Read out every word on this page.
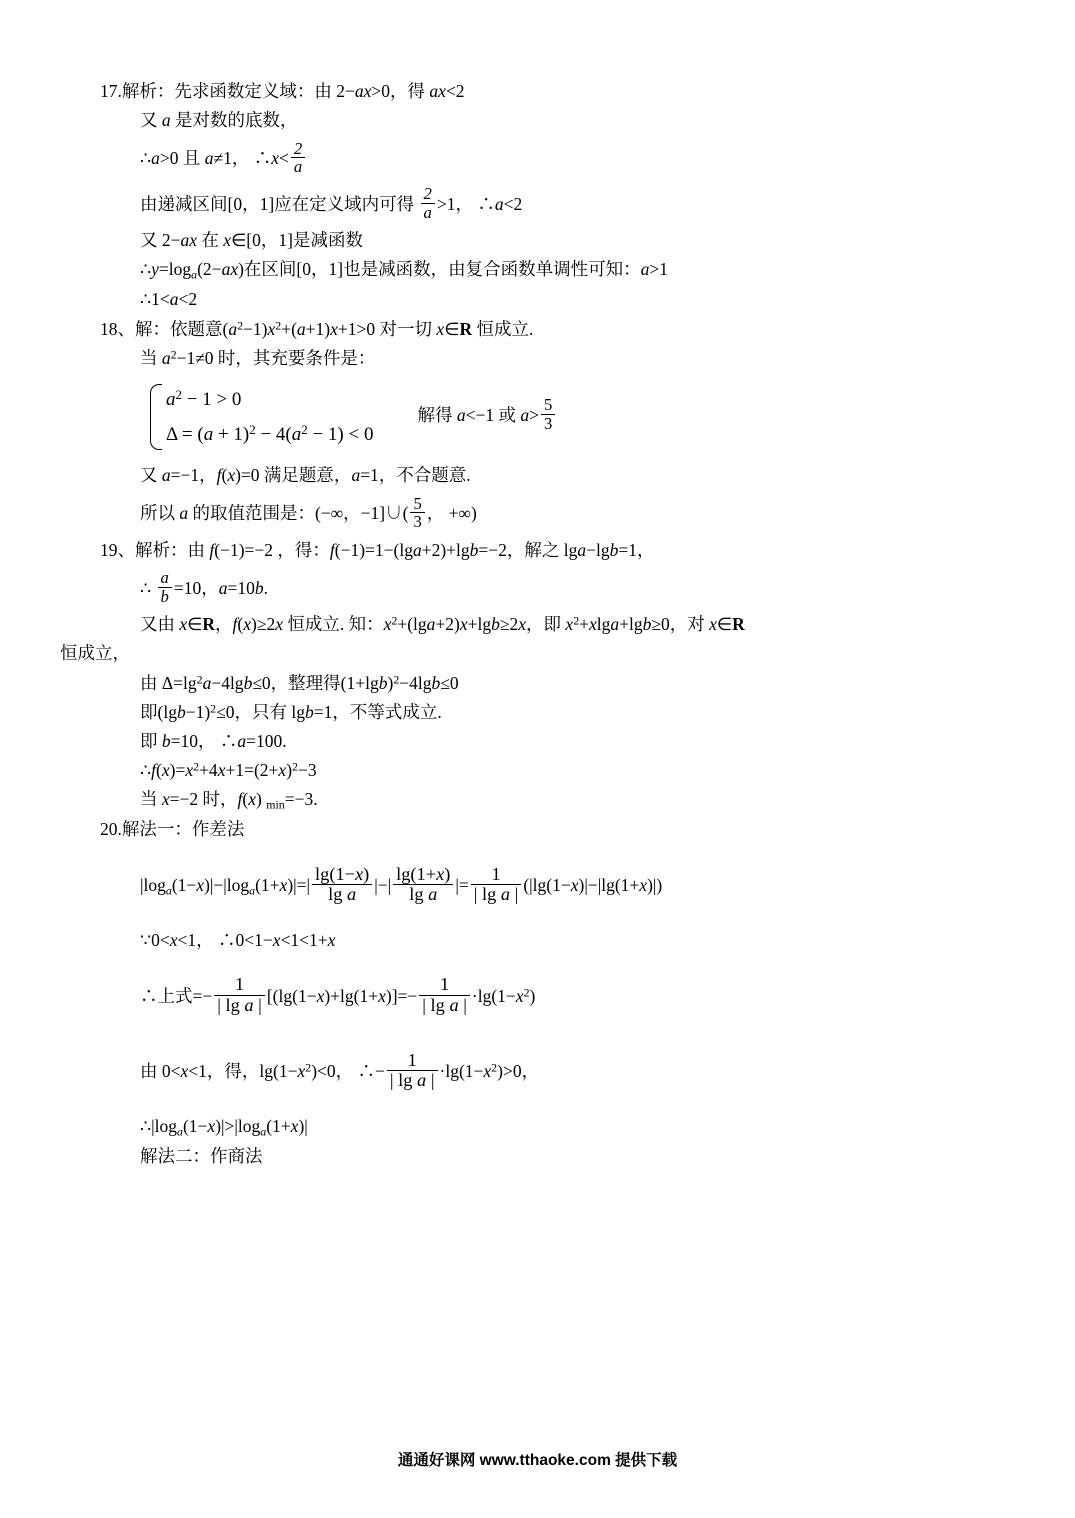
17.解析：先求函数定义域：由 2−ax>0，得 ax<2
又 a 是对数的底数，
∴a>0 且 a≠1， ∴x< $\frac{2}{a}$
由递减区间[0，1]应在定义域内可得 $\frac{2}{a} >1$， ∴a<2
又 2−ax 在 x∈[0，1]是减函数
$\therefore y=\log_a(2-ax)$在区间[0，1]也是减函数，由复合函数单调性可知：a>1
∴1<a<2
18、解：依题意$(a^2-1)x^2+(a+1)x+1>0$ 对一切 x∈R 恒成立.
当 $a^2-1\ne 0$ 时，其充要条件是：
$a^2 - 1 > 0$
$\Delta = (a + 1)^2 - 4(a^2 - 1) < 0$
解得 a<−1 或 $a> \frac{5}{3}$
又 a=−1，f(x)=0 满足题意，a=1，不合题意.
所以 a 的取值范围是：(−∞，−1]∪( $\frac{5}{3}$ ， +∞)
19、解析：由 f(−1)=−2 ，得：f(−1)=1−(lga+2)+lgb=−2，解之 lga−lgb=1，
∴ $\frac{a}{b} =10$，a=10b.
又由 x∈R，f(x)≥2x 恒成立. 知：$x^2+(\lg a+2)x+\lg b\ge 2x$，即 $x^2+xlga+\lg b\ge 0$，对 x∈R
恒成立，
由 $\Delta=\lg^2a-4\lg b\le 0$，整理得$(1+\lg b)^2-4\lg b\le 0$
即$(\lg b-1)^2\le 0$，只有 lgb=1，不等式成立.
即 b=10， ∴a=100.
$\therefore f(x)=x^2+4x+1=(2+x)^2-3$
当 x=−2 时，f(x) $_{min}$=−3.
20.解法一：作差法
$|\log_a(1-x)|-|\log_a(1+x)|=| \frac{\lg(1-x)}{\text{lg a}}$ |−| $\frac{\lg(1+x)}{\text{lg a}}$ |= $\frac{1}{\text{| lg a |}} (|\lg(1-x)|-|\lg(1+x)|)$
∵0<x<1， ∴0<1−x<1<1+x
∴上式=− $\frac{1}{\text{| lg a |}} [(\lg(1-x)+\lg(1+x)]=- \frac{1}{\text{| lg a |}} \cdot\lg(1-x^2)$
由 0<x<1，得，$\lg(1-x^2)<0$， ∴− $\frac{1}{\text{| lg a |}} \cdot\lg(1-x^2)>0$，
$\therefore|\log_a(1-x)|>|\log_a(1+x)|$
解法二：作商法
通通好课网 www.tthaoke.com 提供下载
